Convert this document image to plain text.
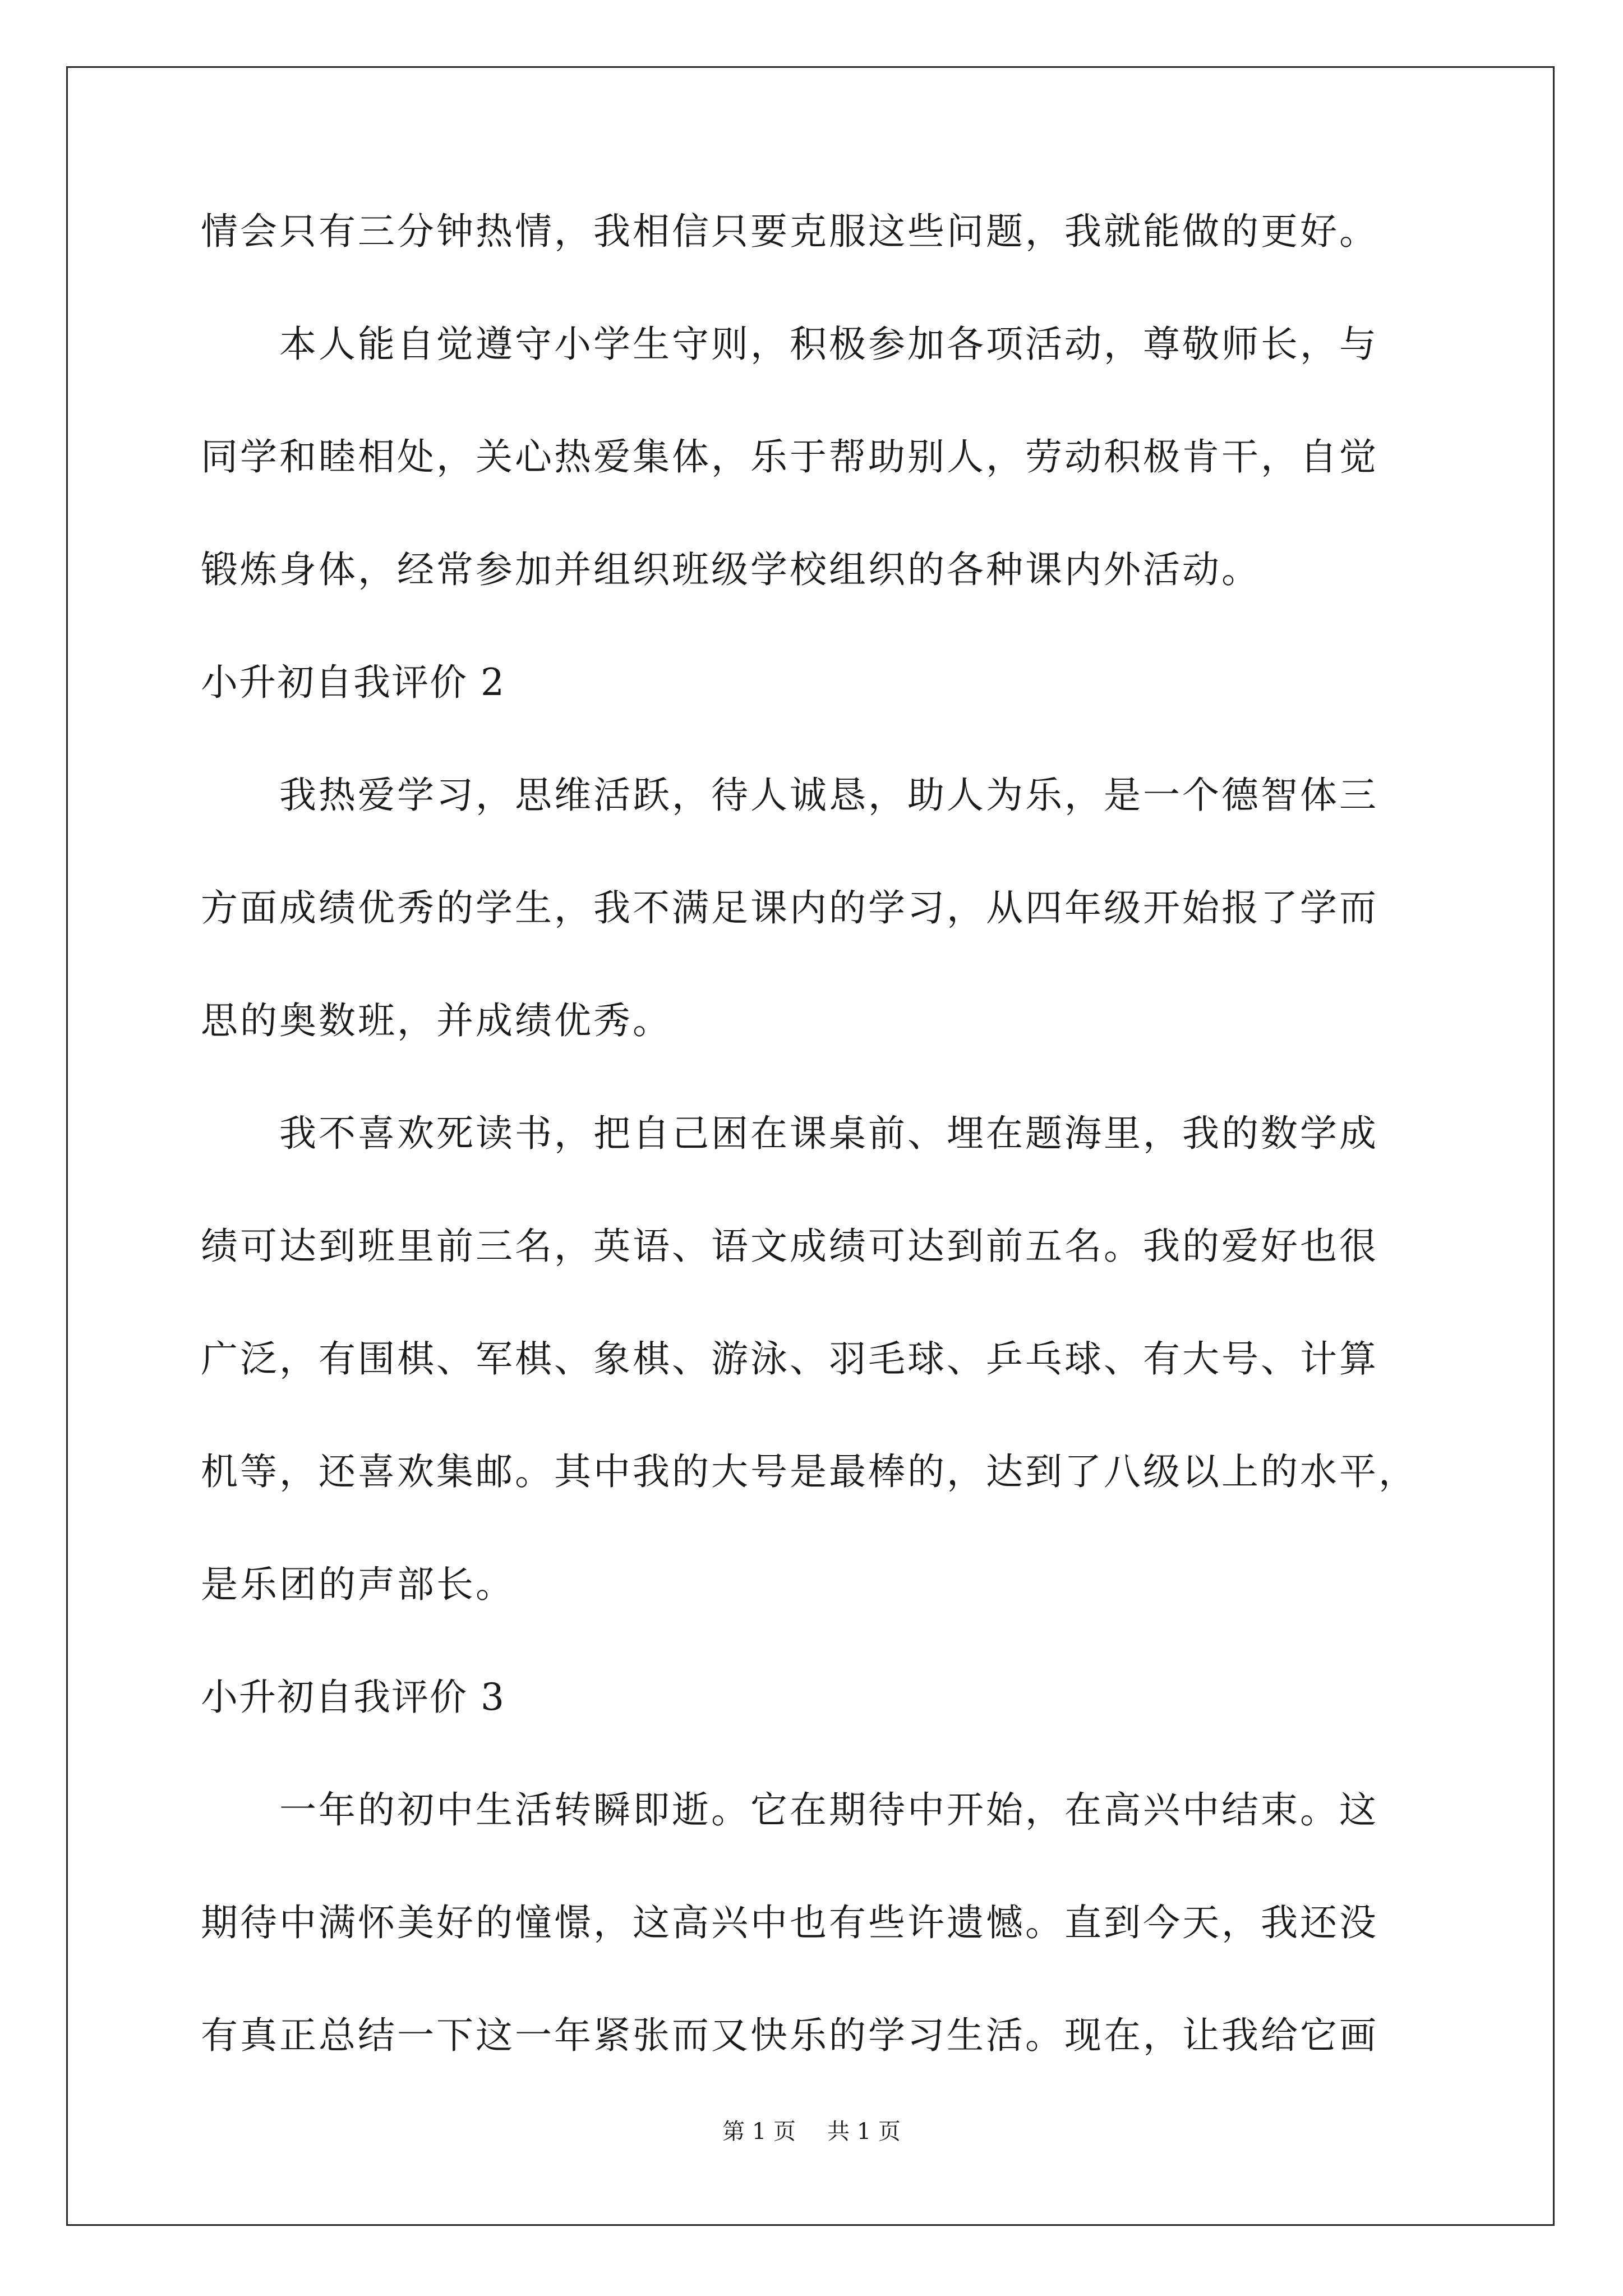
情会只有三分钟热情，我相信只要克服这些问题，我就能做的更好。
本人能自觉遵守小学生守则，积极参加各项活动，尊敬师长，与
同学和睦相处，关心热爱集体，乐于帮助别人，劳动积极肯干，自觉
锻炼身体，经常参加并组织班级学校组织的各种课内外活动。
小升初自我评价 2
我热爱学习，思维活跃，待人诚恳，助人为乐，是一个德智体三
方面成绩优秀的学生，我不满足课内的学习，从四年级开始报了学而
思的奥数班，并成绩优秀。
我不喜欢死读书，把自己困在课桌前、埋在题海里，我的数学成
绩可达到班里前三名，英语、语文成绩可达到前五名。我的爱好也很
广泛，有围棋、军棋、象棋、游泳、羽毛球、乒乓球、有大号、计算
机等，还喜欢集邮。其中我的大号是最棒的，达到了八级以上的水平，
是乐团的声部长。
小升初自我评价 3
一年的初中生活转瞬即逝。它在期待中开始，在高兴中结束。这
期待中满怀美好的憧憬，这高兴中也有些许遗憾。直到今天，我还没
有真正总结一下这一年紧张而又快乐的学习生活。现在，让我给它画
第 1 页 共 1 页
